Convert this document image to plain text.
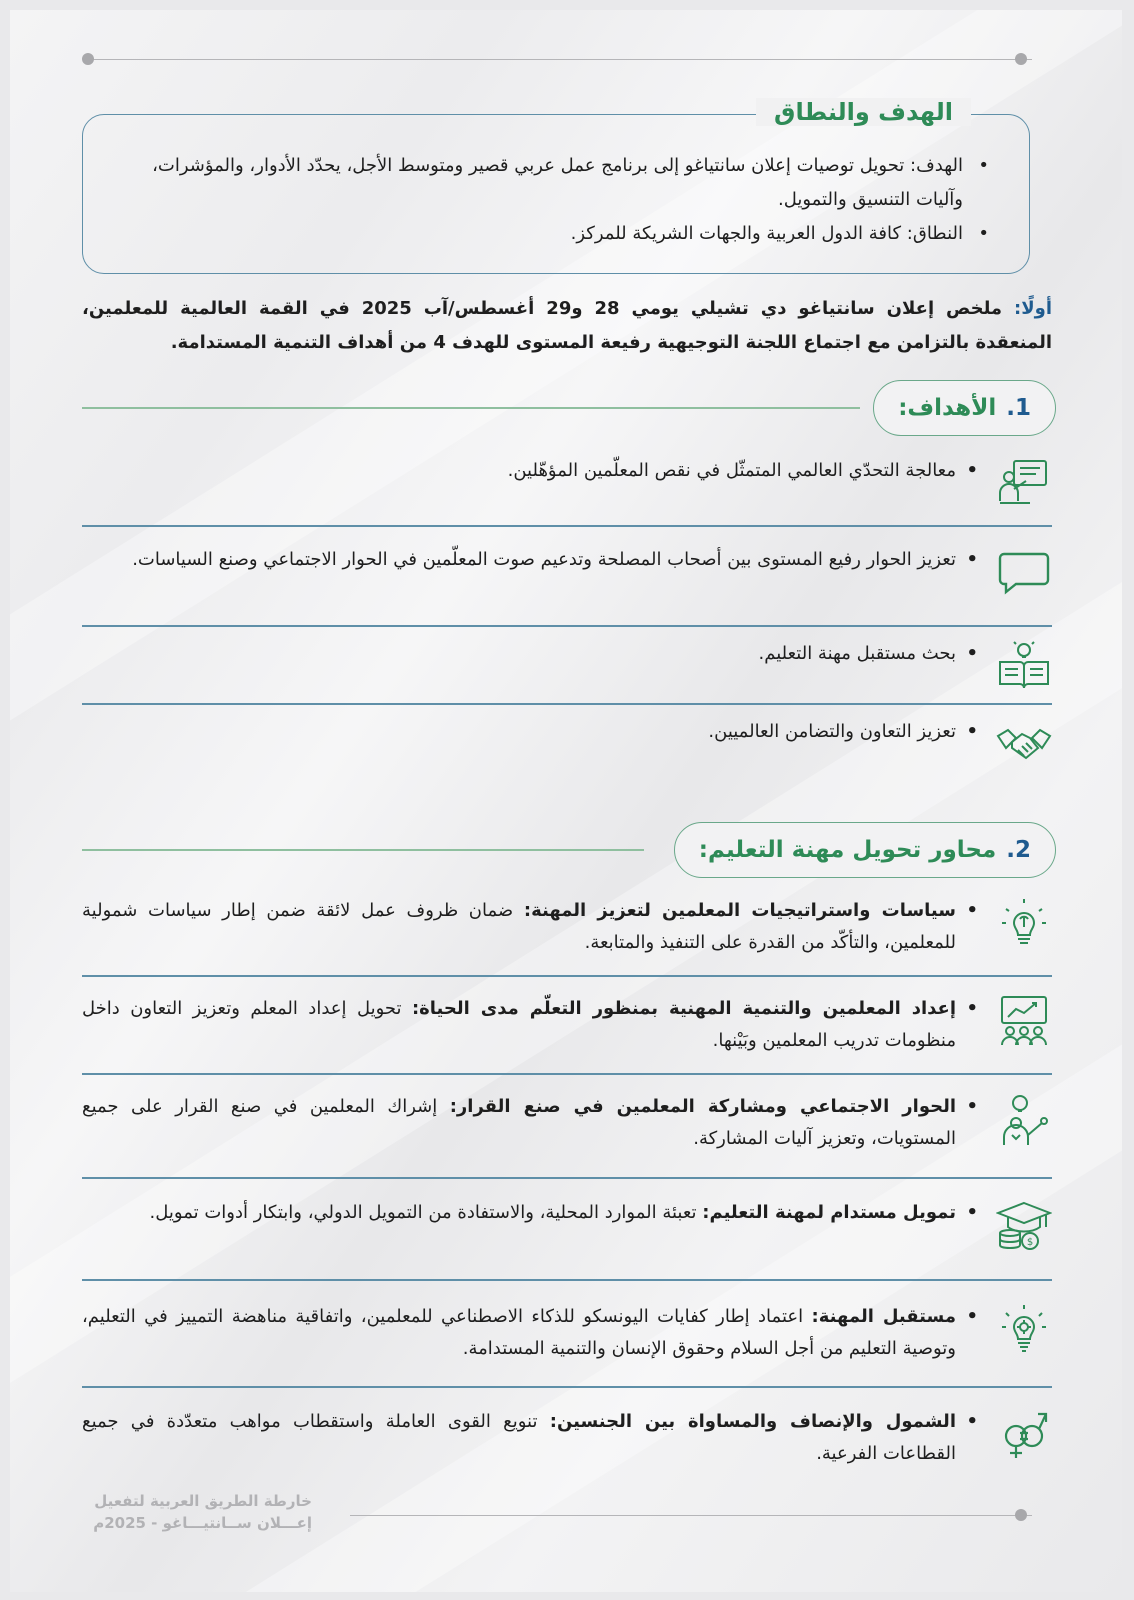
الهدف والنطاق
• الهدف: تحويل توصيات إعلان سانتياغو إلى برنامج عمل عربي قصير ومتوسط الأجل، يحدّد الأدوار، والمؤشرات، وآليات التنسيق والتمويل.
• النطاق: كافة الدول العربية والجهات الشريكة للمركز.
أولًا: ملخص إعلان سانتياغو دي تشيلي يومي 28 و29 أغسطس/آب 2025 في القمة العالمية للمعلمين، المنعقدة بالتزامن مع اجتماع اللجنة التوجيهية رفيعة المستوى للهدف 4 من أهداف التنمية المستدامة.
1.
الأهداف:
• معالجة التحدّي العالمي المتمثّل في نقص المعلّمين المؤهّلين.
• تعزيز الحوار رفيع المستوى بين أصحاب المصلحة وتدعيم صوت المعلّمين في الحوار الاجتماعي وصنع السياسات.
• بحث مستقبل مهنة التعليم.
• تعزيز التعاون والتضامن العالميين.
2.
محاور تحويل مهنة التعليم:
• سياسات واستراتيجيات المعلمين لتعزيز المهنة: ضمان ظروف عمل لائقة ضمن إطار سياسات شمولية للمعلمين، والتأكّد من القدرة على التنفيذ والمتابعة.
• إعداد المعلمين والتنمية المهنية بمنظور التعلّم مدى الحياة: تحويل إعداد المعلم وتعزيز التعاون داخل منظومات تدريب المعلمين وبَيْنها.
• الحوار الاجتماعي ومشاركة المعلمين في صنع القرار: إشراك المعلمين في صنع القرار على جميع المستويات، وتعزيز آليات المشاركة.
$
• تمويل مستدام لمهنة التعليم: تعبئة الموارد المحلية، والاستفادة من التمويل الدولي، وابتكار أدوات تمويل.
• مستقبل المهنة: اعتماد إطار كفايات اليونسكو للذكاء الاصطناعي للمعلمين، واتفاقية مناهضة التمييز في التعليم، وتوصية التعليم من أجل السلام وحقوق الإنسان والتنمية المستدامة.
• الشمول والإنصاف والمساواة بين الجنسين: تنويع القوى العاملة واستقطاب مواهب متعدّدة في جميع القطاعات الفرعية.
خارطة الطريق العربية لتفعيل
إعـــلان ســانتيـــاغو - 2025م
